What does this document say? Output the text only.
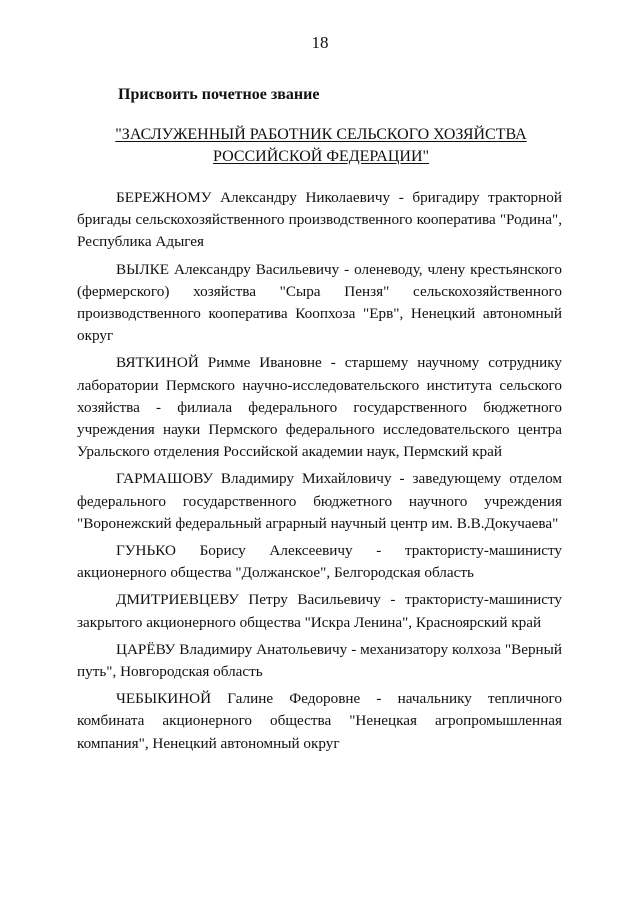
18
Присвоить почетное звание
"ЗАСЛУЖЕННЫЙ РАБОТНИК СЕЛЬСКОГО ХОЗЯЙСТВА
РОССИЙСКОЙ ФЕДЕРАЦИИ"

БЕРЕЖНОМУ Александру Николаевичу - бригадиру тракторной бригады сельскохозяйственного производственного кооператива "Родина", Республика Адыгея

ВЫЛКЕ Александру Васильевичу - оленеводу, члену крестьянского (фермерского) хозяйства "Сыра Пензя" сельскохозяйственного производственного кооператива Коопхоза "Ерв", Ненецкий автономный округ

ВЯТКИНОЙ Римме Ивановне - старшему научному сотруднику лаборатории Пермского научно-исследовательского института сельского хозяйства - филиала федерального государственного бюджетного учреждения науки Пермского федерального исследовательского центра Уральского отделения Российской академии наук, Пермский край

ГАРМАШОВУ Владимиру Михайловичу - заведующему отделом федерального государственного бюджетного научного учреждения "Воронежский федеральный аграрный научный центр им. В.В.Докучаева"

ГУНЬКО Борису Алексеевичу - трактористу-машинисту акционерного общества "Должанское", Белгородская область

ДМИТРИЕВЦЕВУ Петру Васильевичу - трактористу-машинисту закрытого акционерного общества "Искра Ленина", Красноярский край

ЦАРЁВУ Владимиру Анатольевичу - механизатору колхоза "Верный путь", Новгородская область

ЧЕБЫКИНОЙ Галине Федоровне - начальнику тепличного комбината акционерного общества "Ненецкая агропромышленная компания", Ненецкий автономный округ
